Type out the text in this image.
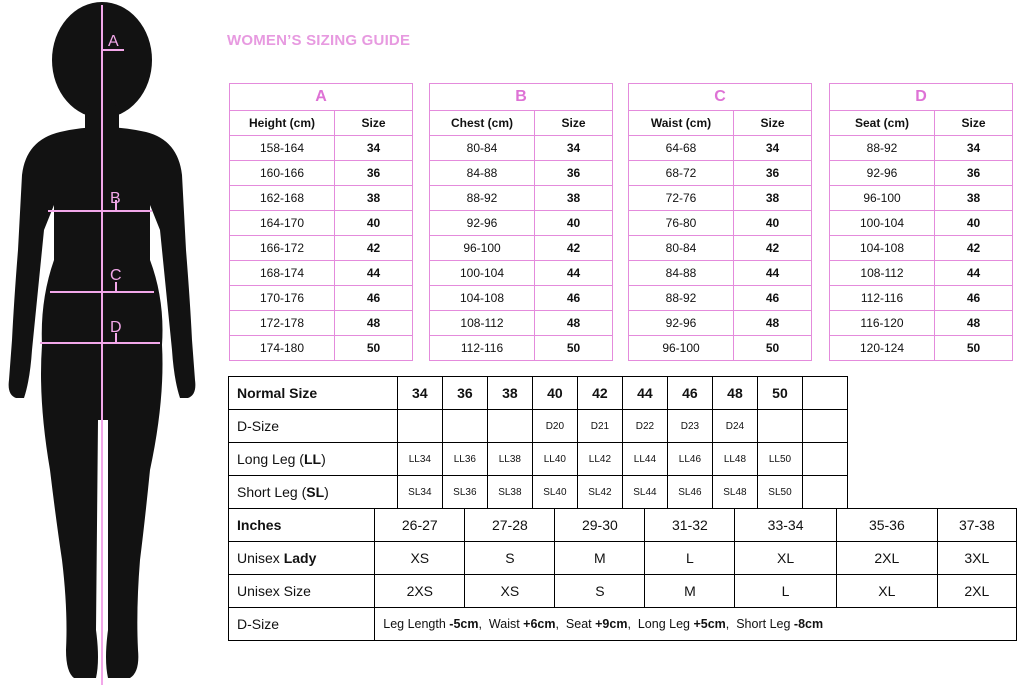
A
B
C
D
WOMEN’S SIZING GUIDE
A	
Height (cm)	Size
158-164	34
160-166	36
162-168	38
164-170	40
166-172	42
168-174	44
170-176	46
172-178	48
174-180	50
B	
Chest (cm)	Size
80-84	34
84-88	36
88-92	38
92-96	40
96-100	42
100-104	44
104-108	46
108-112	48
112-116	50
C	
Waist (cm)	Size
64-68	34
68-72	36
72-76	38
76-80	40
80-84	42
84-88	44
88-92	46
92-96	48
96-100	50
D	
Seat (cm)	Size
88-92	34
92-96	36
96-100	38
100-104	40
104-108	42
108-112	44
112-116	46
116-120	48
120-124	50
Normal Size		34	36		38	40		42	44		46	48		50			
D-Size						D20		D21	D22		D23	D24					
Long Leg (LL)		LL34	LL36		LL38	LL40		LL42	LL44		LL46	LL48		LL50			
Short Leg (SL)		SL34	SL36		SL38	SL40		SL42	SL44		SL46	SL48		SL50			
Inches	26-27			27-28			29-30			31-32			33-34			35-36	37-38
Unisex Lady	XS			S			M			L			XL			2XL	3XL
Unisex Size	2XS			XS			S			M			L			XL	2XL
D-Size	Leg Length -5cm,  Waist +6cm,  Seat +9cm,  Long Leg +5cm,  Short Leg -8cm																
